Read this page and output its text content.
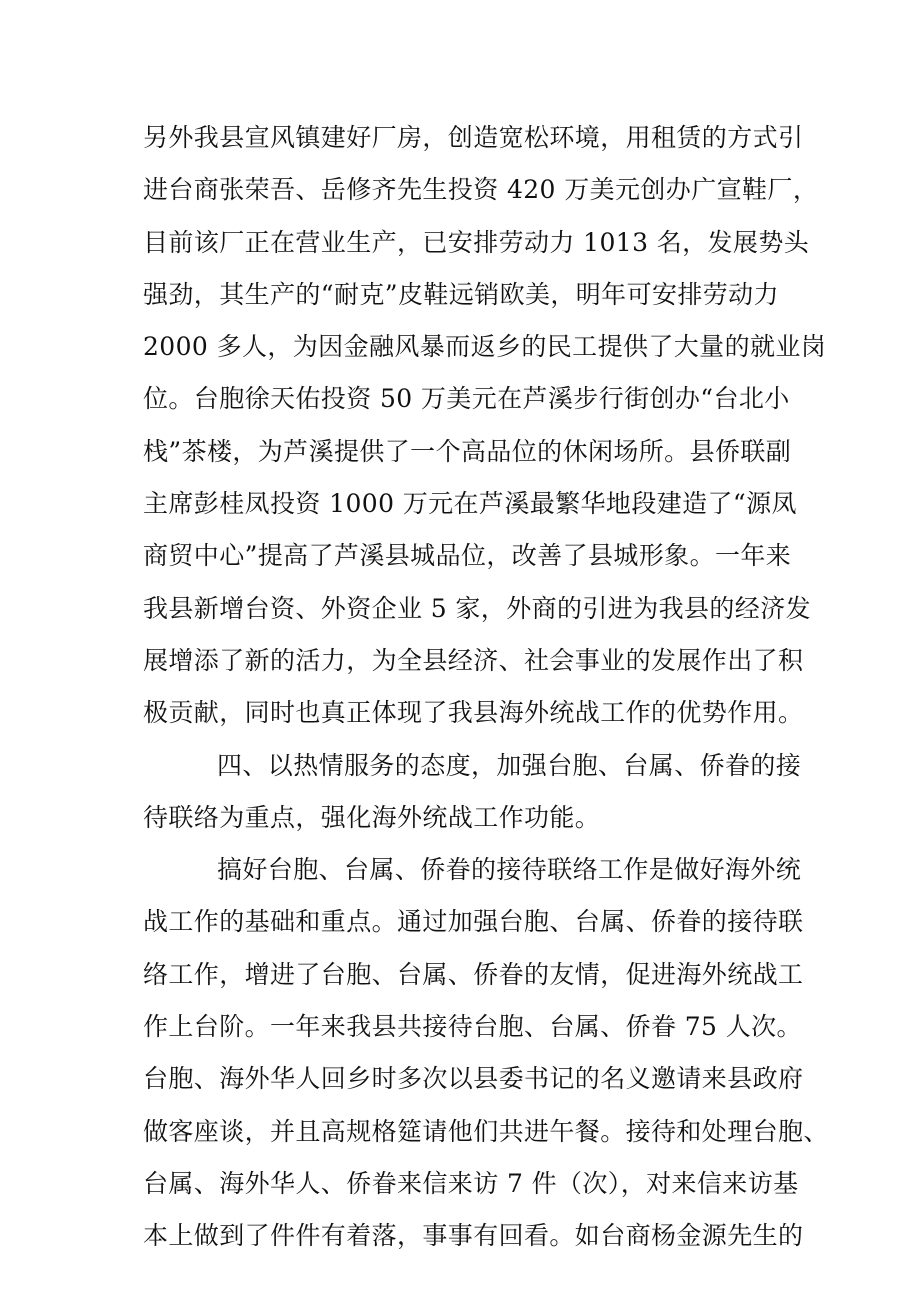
另外我县宣风镇建好厂房，创造宽松环境，用租赁的方式引
进台商张荣吾、岳修齐先生投资 420 万美元创办广宣鞋厂，
目前该厂正在营业生产，已安排劳动力 1013 名，发展势头
强劲，其生产的“耐克”皮鞋远销欧美，明年可安排劳动力
2000 多人，为因金融风暴而返乡的民工提供了大量的就业岗
位。台胞徐天佑投资 50 万美元在芦溪步行街创办“台北小
栈”茶楼，为芦溪提供了一个高品位的休闲场所。县侨联副
主席彭桂凤投资 1000 万元在芦溪最繁华地段建造了“源凤
商贸中心”提高了芦溪县城品位，改善了县城形象。一年来
我县新增台资、外资企业 5 家，外商的引进为我县的经济发
展增添了新的活力，为全县经济、社会事业的发展作出了积
极贡献，同时也真正体现了我县海外统战工作的优势作用。
四、以热情服务的态度，加强台胞、台属、侨眷的接
待联络为重点，强化海外统战工作功能。
搞好台胞、台属、侨眷的接待联络工作是做好海外统
战工作的基础和重点。通过加强台胞、台属、侨眷的接待联
络工作，增进了台胞、台属、侨眷的友情，促进海外统战工
作上台阶。一年来我县共接待台胞、台属、侨眷 75 人次。
台胞、海外华人回乡时多次以县委书记的名义邀请来县政府
做客座谈，并且高规格筵请他们共进午餐。接待和处理台胞、
台属、海外华人、侨眷来信来访 7 件（次），对来信来访基
本上做到了件件有着落，事事有回看。如台商杨金源先生的
